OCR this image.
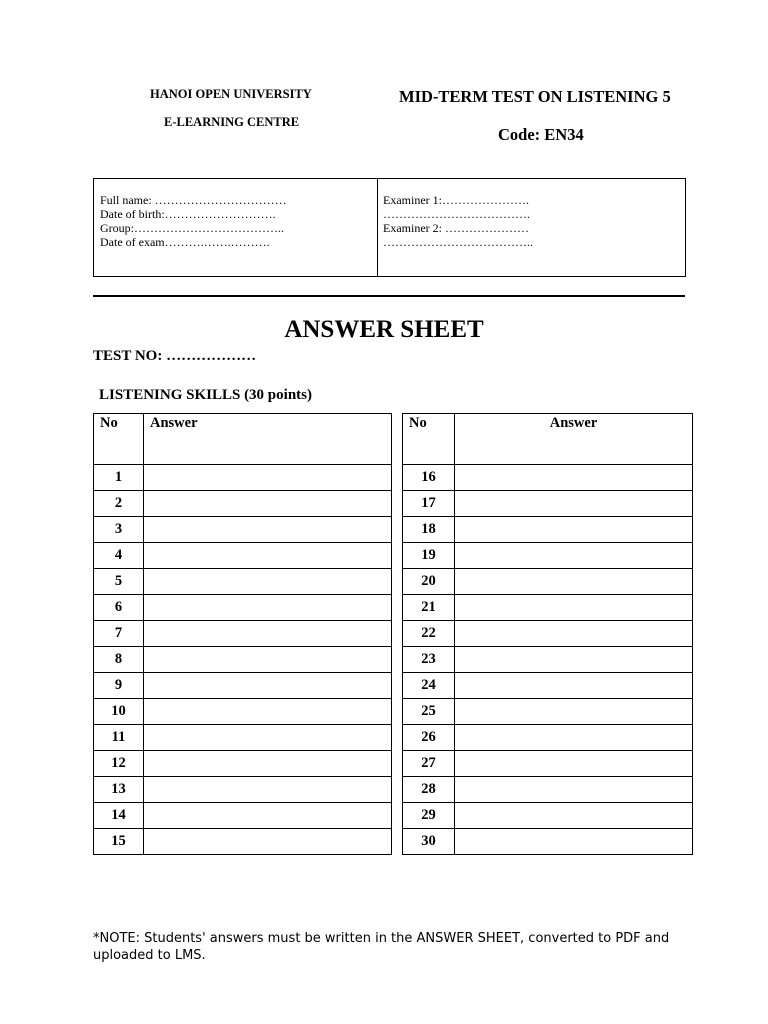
HANOI OPEN UNIVERSITY
E-LEARNING CENTRE
MID-TERM TEST ON LISTENING 5
Code: EN34
Full name: ……………………………
Date of birth:……………………….
Group:………………………………..
Date of exam……….…….……….
Examiner 1:………………….
……………………………….
Examiner 2: …………………
………………………………..
ANSWER SHEET
TEST NO: ………………
LISTENING SKILLS (30 points)
No	Answer
1	
2	
3	
4	
5	
6	
7	
8	
9	
10	
11	
12	
13	
14	
15	
No	Answer
16	
17	
18	
19	
20	
21	
22	
23	
24	
25	
26	
27	
28	
29	
30	
*NOTE: Students' answers must be written in the ANSWER SHEET, converted to PDF and uploaded to LMS.
